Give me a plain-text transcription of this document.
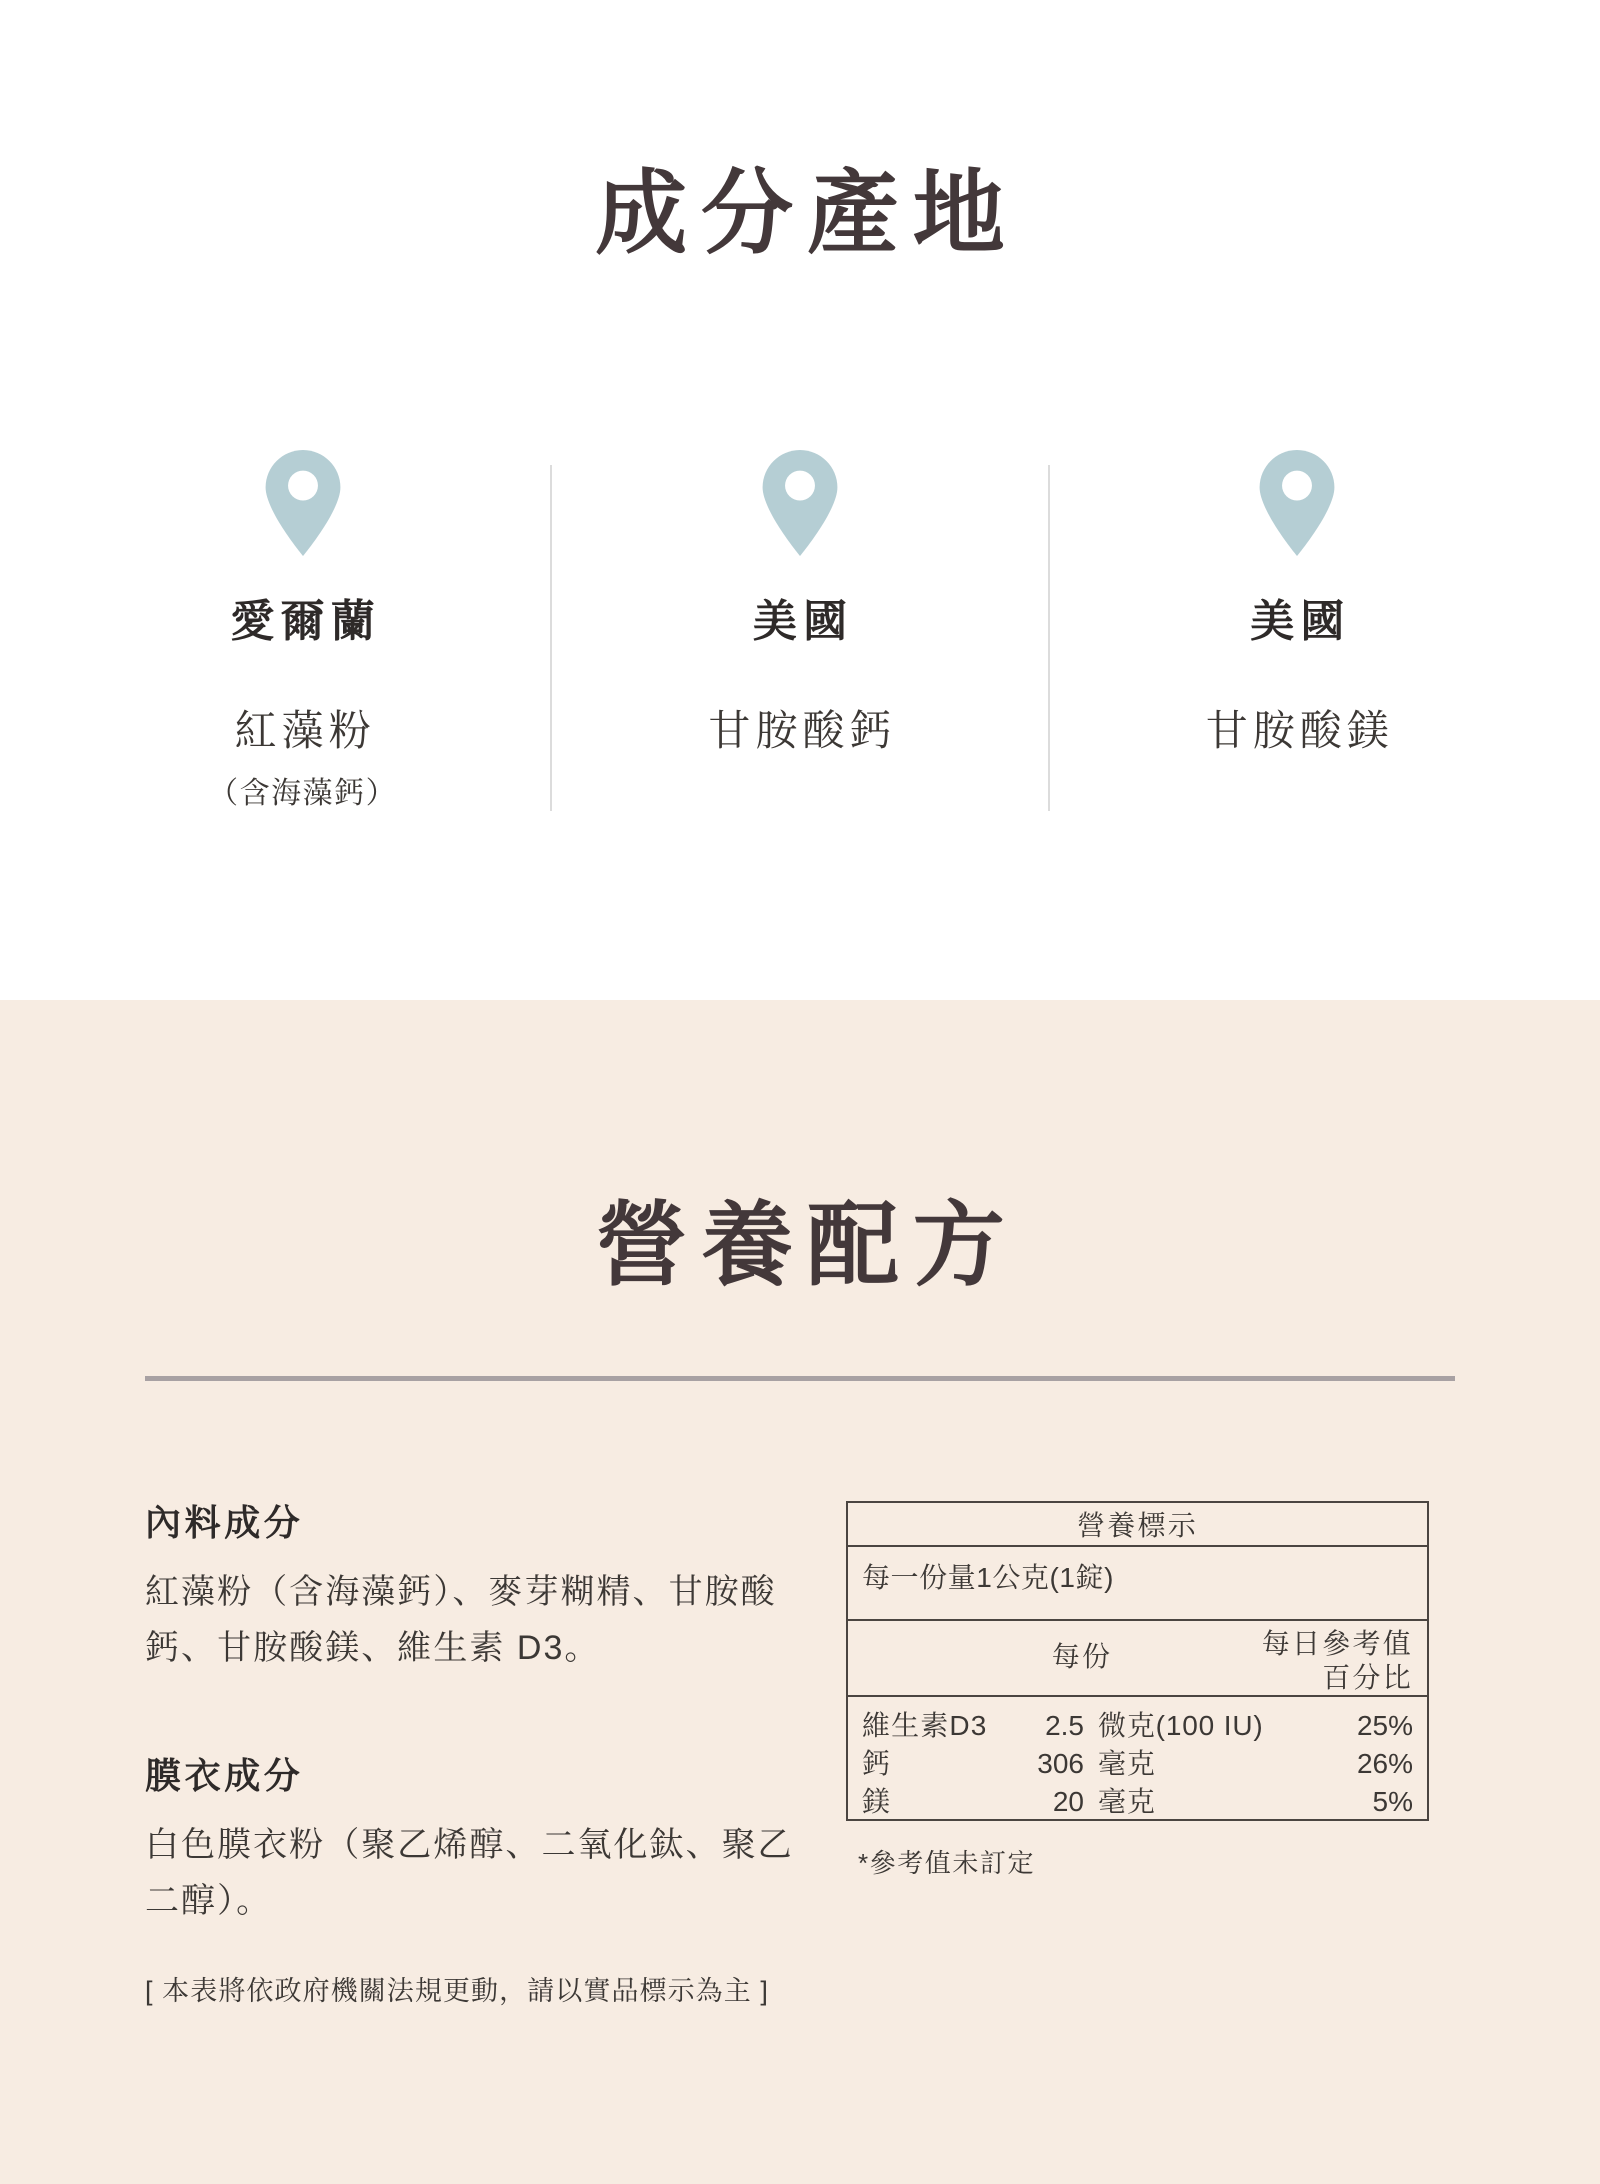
成分產地
愛爾蘭
紅藻粉
（含海藻鈣）
美國
甘胺酸鈣
美國
甘胺酸鎂
營養配方
內料成分

紅藻粉（含海藻鈣）、麥芽糊精、甘胺酸鈣、甘胺酸鎂、維生素 D3。

膜衣成分

白色膜衣粉（聚乙烯醇、二氧化鈦、聚乙二醇）。

[ 本表將依政府機關法規更動，請以實品標示為主 ]

營養標示
每一份量1公克(1錠)
每份	每日參考值
百分比
維生素D3	2.5 微克(100 IU)	25%
鈣	306 毫克	26%
鎂	20 毫克	5%

*參考值未訂定
